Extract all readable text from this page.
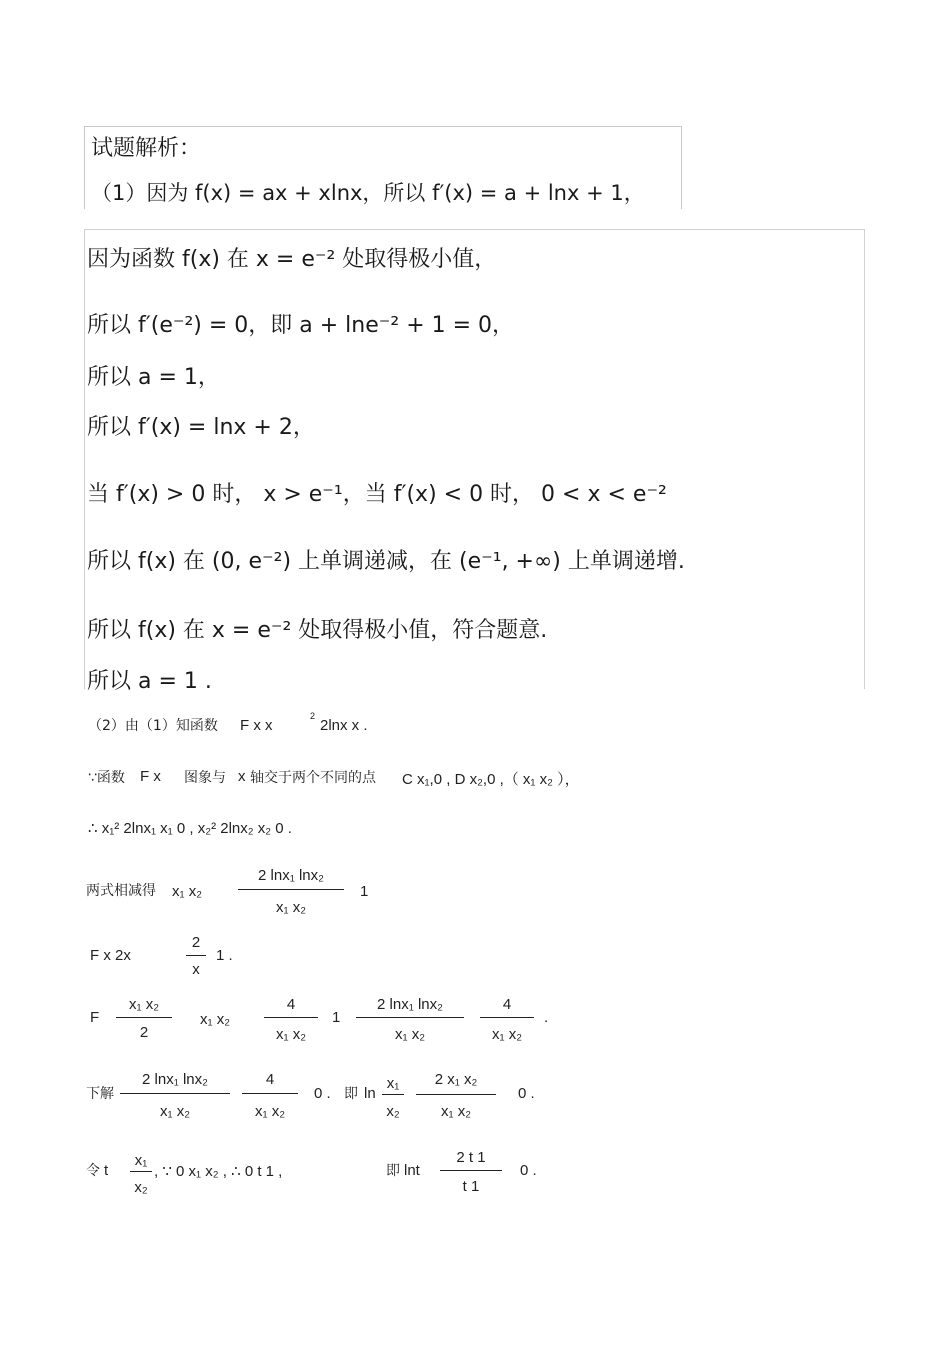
试题解析：
（1）因为 f(x) = ax + xlnx，所以 f′(x) = a + lnx + 1，
因为函数 f(x) 在 x = e⁻² 处取得极小值，
所以 f′(e⁻²) = 0，即 a + lne⁻² + 1 = 0，
所以 a = 1，
所以 f′(x) = lnx + 2，
当 f′(x) > 0 时， x > e⁻¹，当 f′(x) < 0 时， 0 < x < e⁻²
所以 f(x) 在 (0, e⁻²) 上单调递减，在 (e⁻¹, +∞) 上单调递增.
所以 f(x) 在 x = e⁻² 处取得极小值，符合题意.
所以 a = 1 .
（2）由（1）知函数 F x x
2
2lnx x .
∵函数 F x 图象与 x 轴交于两个不同的点 C x₁,0 , D x₂,0 ,（ x₁ x₂ ），
∴ x₁² 2lnx₁ x₁ 0 , x₂² 2lnx₂ x₂ 0 .
两式相减得 x₁ x₂
2 lnx₁ lnx₂
x₁ x₂
1
F x 2x
2
x
1 .
F
x₁ x₂
2
x₁ x₂
4
x₁ x₂
1
2 lnx₁ lnx₂
x₁ x₂
4
x₁ x₂
.
下解
2 lnx₁ lnx₂
x₁ x₂
4
x₁ x₂
0 . 即 ln
x₁
x₂
2 x₁ x₂
x₁ x₂
0 .
令 t
x₁
x₂
, ∵ 0 x₁ x₂ , ∴ 0 t 1 ,	即 lnt
2 t 1
t 1
0 .
